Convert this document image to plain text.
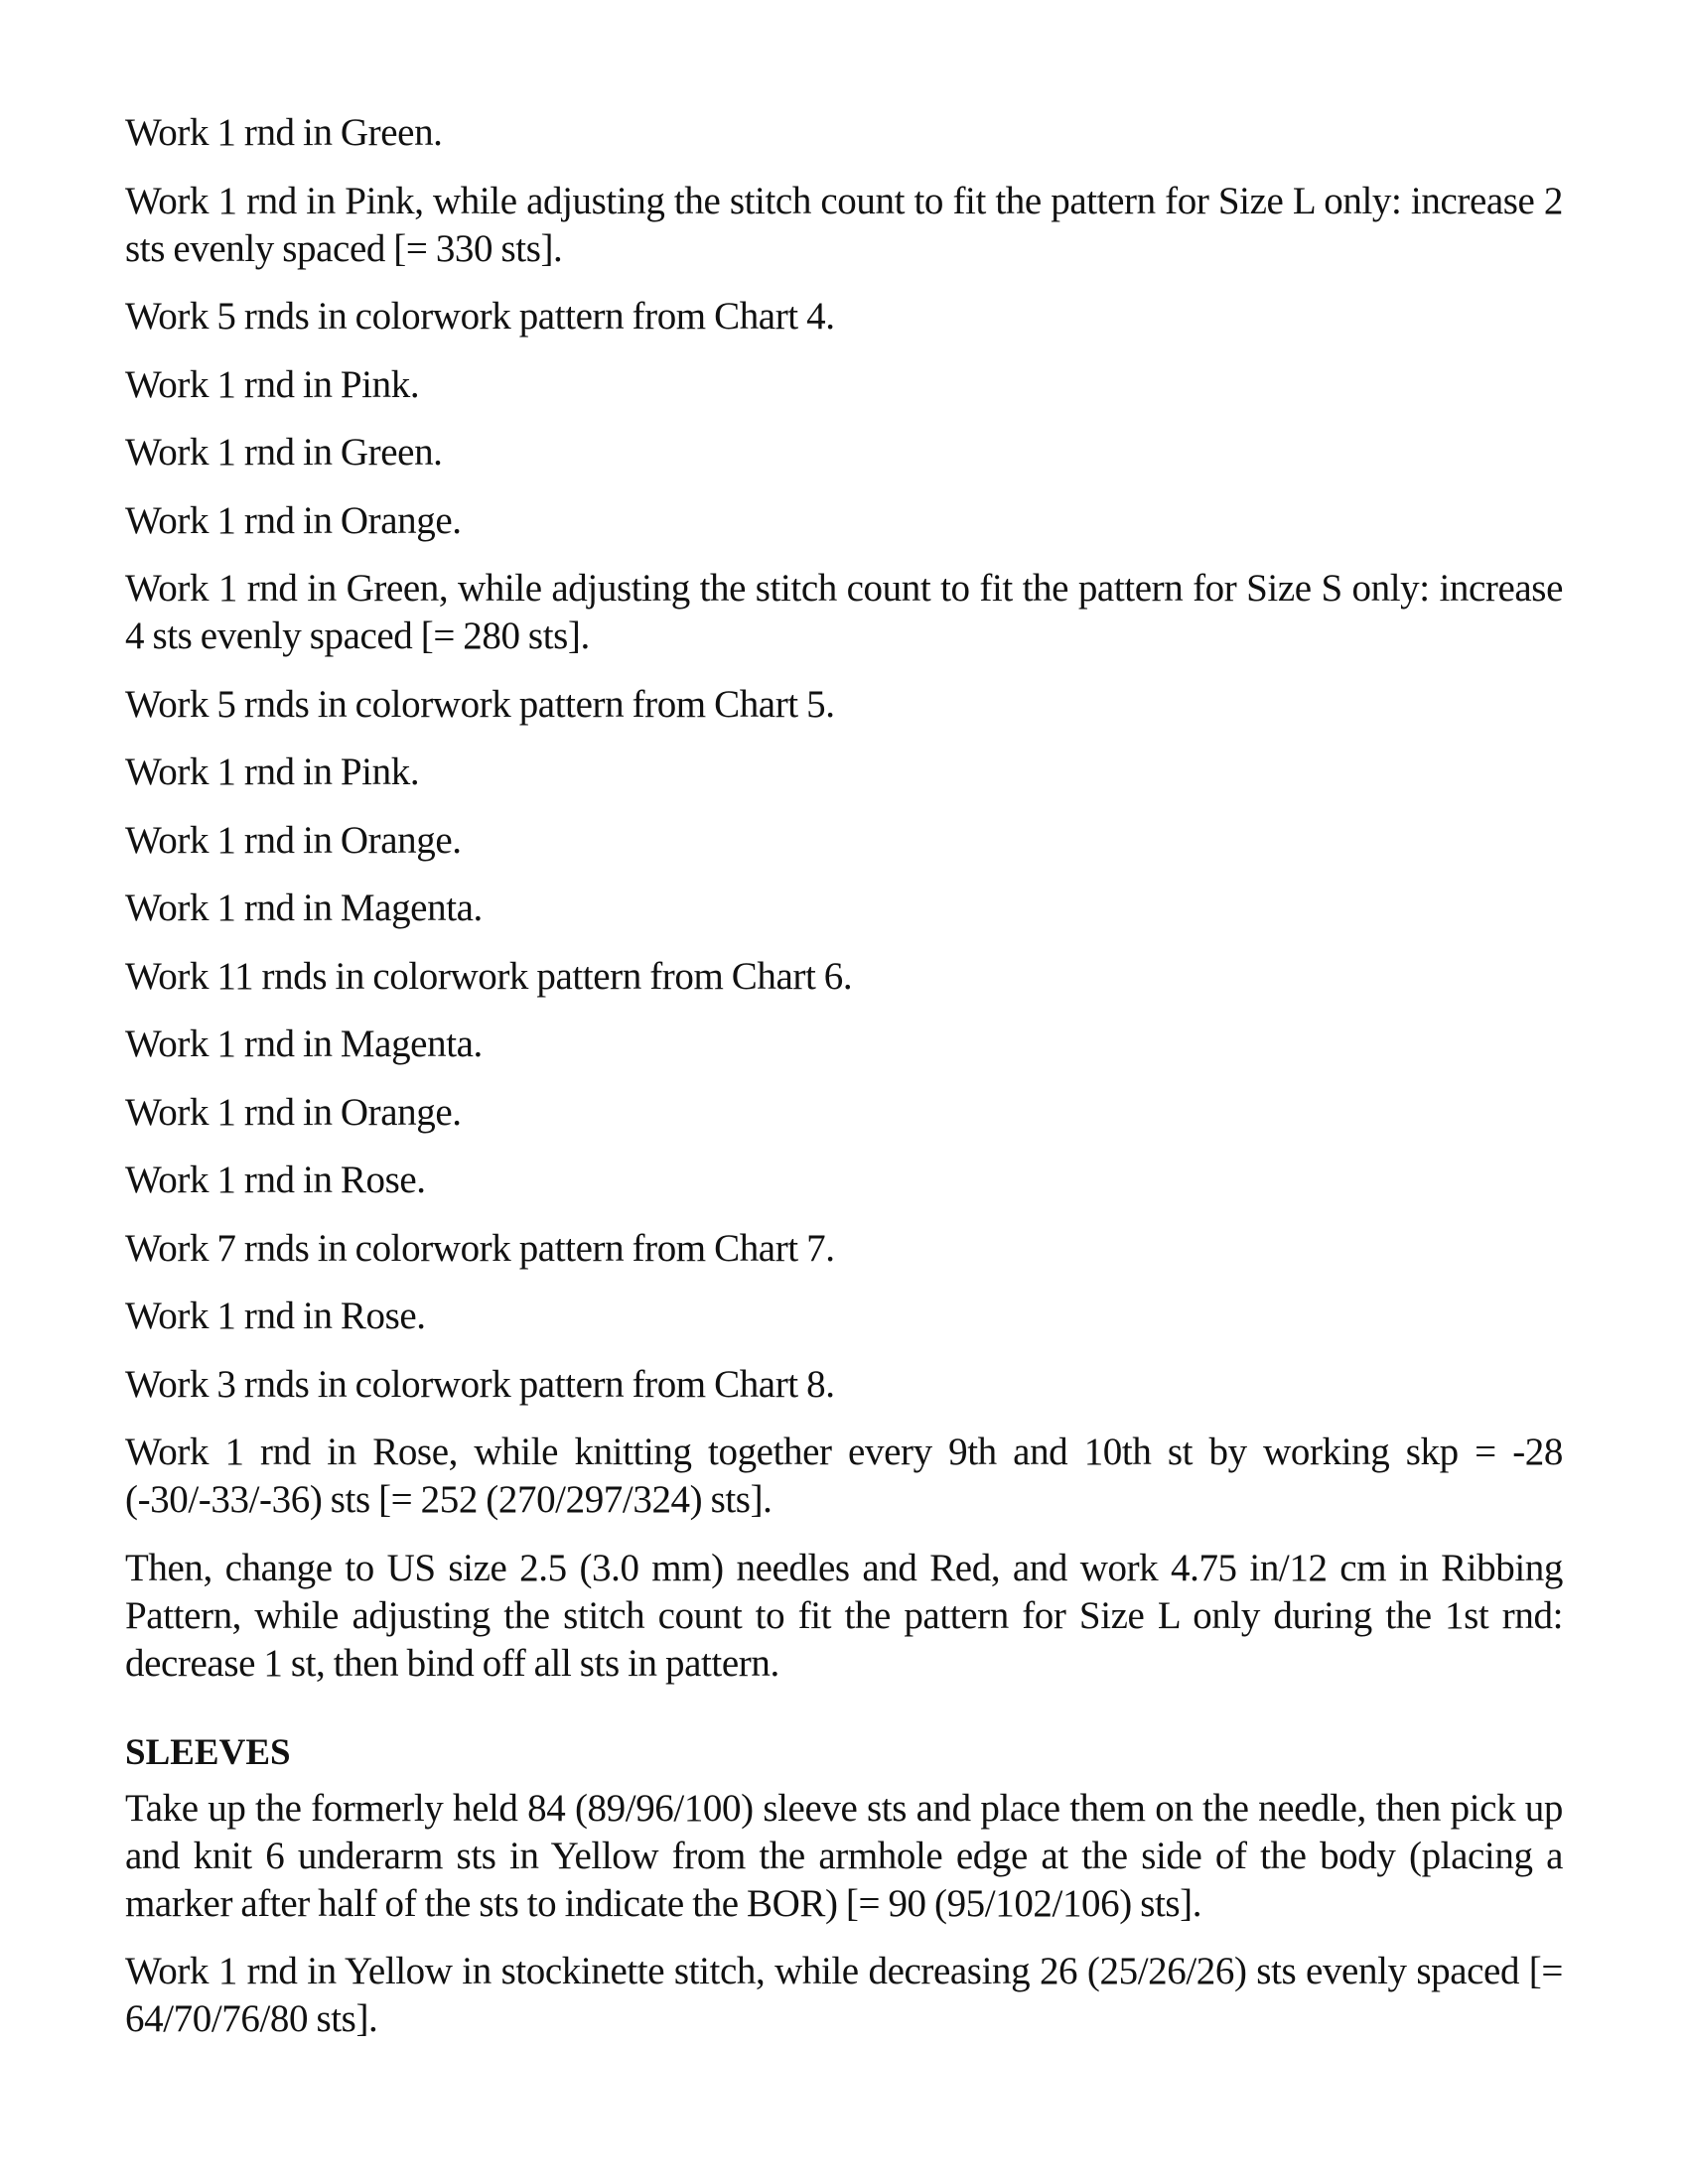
Work 1 rnd in Green.

Work 1 rnd in Pink, while adjusting the stitch count to fit the pattern for Size L only: increase 2 sts evenly spaced [= 330 sts].

Work 5 rnds in colorwork pattern from Chart 4.

Work 1 rnd in Pink.

Work 1 rnd in Green.

Work 1 rnd in Orange.

Work 1 rnd in Green, while adjusting the stitch count to fit the pattern for Size S only: increase 4 sts evenly spaced [= 280 sts].

Work 5 rnds in colorwork pattern from Chart 5.

Work 1 rnd in Pink.

Work 1 rnd in Orange.

Work 1 rnd in Magenta.

Work 11 rnds in colorwork pattern from Chart 6.

Work 1 rnd in Magenta.

Work 1 rnd in Orange.

Work 1 rnd in Rose.

Work 7 rnds in colorwork pattern from Chart 7.

Work 1 rnd in Rose.

Work 3 rnds in colorwork pattern from Chart 8.

Work 1 rnd in Rose, while knitting together every 9th and 10th st by working skp = -28 (-30/-33/-36) sts [= 252 (270/297/324) sts].

Then, change to US size 2.5 (3.0 mm) needles and Red, and work 4.75 in/12 cm in Ribbing Pattern, while adjusting the stitch count to fit the pattern for Size L only during the 1st rnd: decrease 1 st, then bind off all sts in pattern.

SLEEVES

Take up the formerly held 84 (89/96/100) sleeve sts and place them on the needle, then pick up and knit 6 underarm sts in Yellow from the armhole edge at the side of the body (placing a marker after half of the sts to indicate the BOR) [= 90 (95/102/106) sts].

Work 1 rnd in Yellow in stockinette stitch, while decreasing 26 (25/26/26) sts evenly spaced [= 64/70/76/80 sts].
